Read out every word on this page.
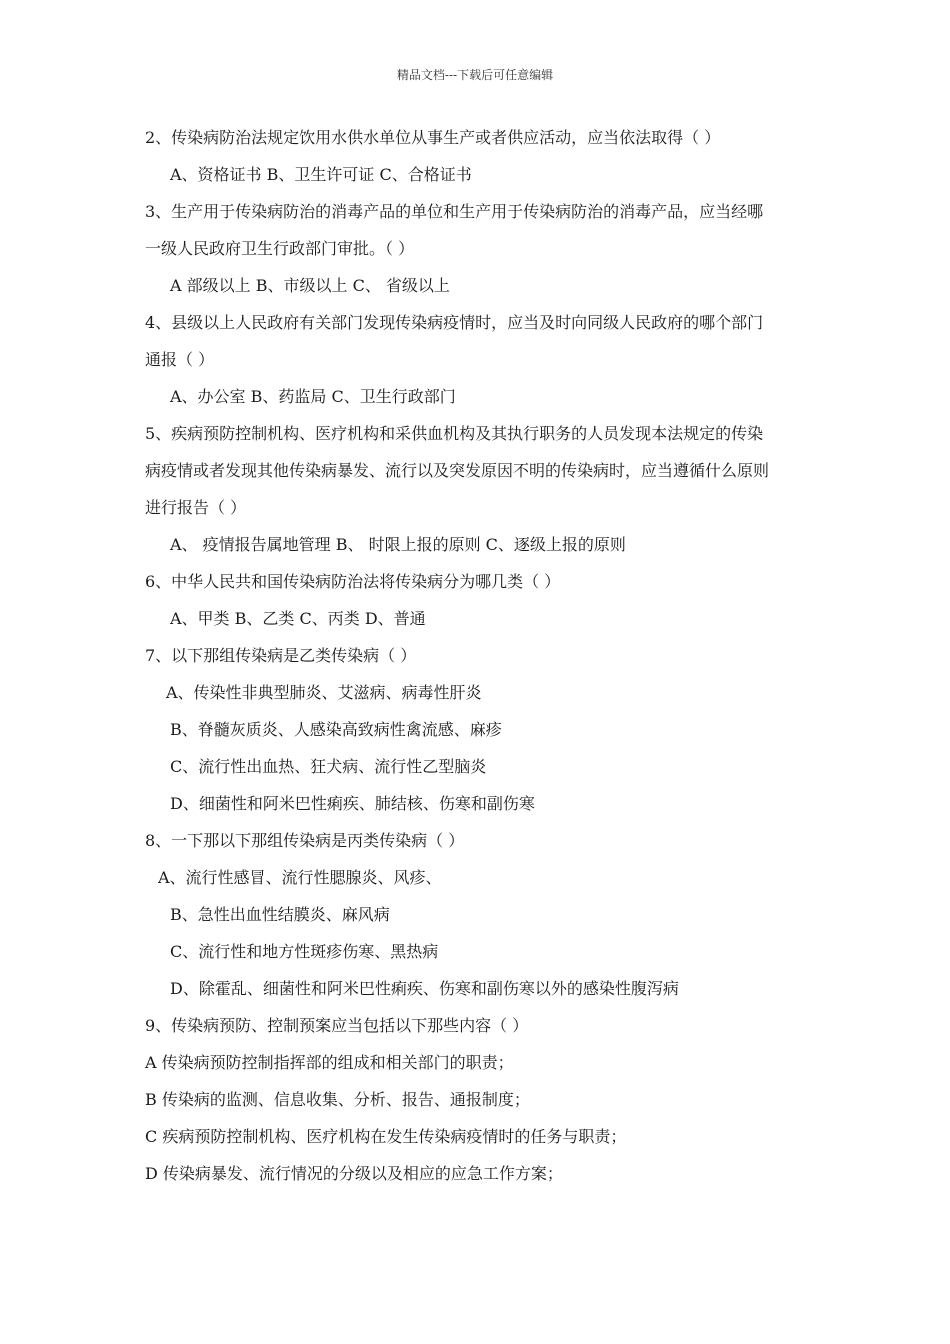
精品文档---下载后可任意编辑
2、传染病防治法规定饮用水供水单位从事生产或者供应活动，应当依法取得（ ）
A、资格证书 B、卫生许可证 C、合格证书
3、生产用于传染病防治的消毒产品的单位和生产用于传染病防治的消毒产品，应当经哪
一级人民政府卫生行政部门审批。（ ）
A 部级以上 B、市级以上 C、 省级以上
4、县级以上人民政府有关部门发现传染病疫情时，应当及时向同级人民政府的哪个部门
通报（ ）
A、办公室 B、药监局 C、卫生行政部门
5、疾病预防控制机构、医疗机构和采供血机构及其执行职务的人员发现本法规定的传染
病疫情或者发现其他传染病暴发、流行以及突发原因不明的传染病时，应当遵循什么原则
进行报告（ ）
A、 疫情报告属地管理 B、 时限上报的原则 C、逐级上报的原则
6、中华人民共和国传染病防治法将传染病分为哪几类（ ）
A、甲类 B、乙类 C、丙类 D、普通
7、以下那组传染病是乙类传染病（ ）
A、传染性非典型肺炎、艾滋病、病毒性肝炎
B、脊髓灰质炎、人感染高致病性禽流感、麻疹
C、流行性出血热、狂犬病、流行性乙型脑炎
D、细菌性和阿米巴性痢疾、肺结核、伤寒和副伤寒
8、一下那以下那组传染病是丙类传染病（ ）
A、流行性感冒、流行性腮腺炎、风疹、
B、急性出血性结膜炎、麻风病
C、流行性和地方性斑疹伤寒、黑热病
D、除霍乱、细菌性和阿米巴性痢疾、伤寒和副伤寒以外的感染性腹泻病
9、传染病预防、控制预案应当包括以下那些内容（ ）
A 传染病预防控制指挥部的组成和相关部门的职责；
B 传染病的监测、信息收集、分析、报告、通报制度；
C 疾病预防控制机构、医疗机构在发生传染病疫情时的任务与职责；
D 传染病暴发、流行情况的分级以及相应的应急工作方案；
